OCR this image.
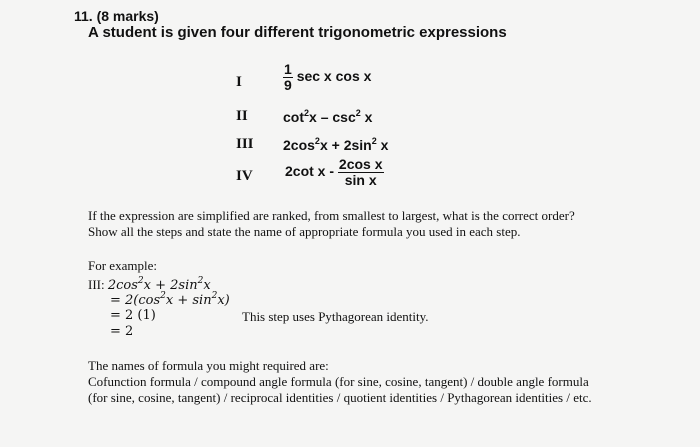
11. (8 marks)
A student is given four different trigonometric expressions
I	$\frac{1}{9}$ sec x cos x
II	$\cot^2x - \csc^2 x$
III $2\cos^2x + 2\sin^2$ x
IV 2cot x - $\frac{\text{2cos x}}{\text{sin x}}$
If the expression are simplified are ranked, from smallest to largest, what is the correct order?
Show all the steps and state the name of appropriate formula you used in each step.
For example:
III: $2\cos^2x + 2\sin^2x$
= $2(\cos^2x + \sin^2x)$
= 2 (1)	This step uses Pythagorean identity.
= 2
The names of formula you might required are:
Cofunction formula / compound angle formula (for sine, cosine, tangent) / double angle formula
(for sine, cosine, tangent) / reciprocal identities / quotient identities / Pythagorean identities / etc.
